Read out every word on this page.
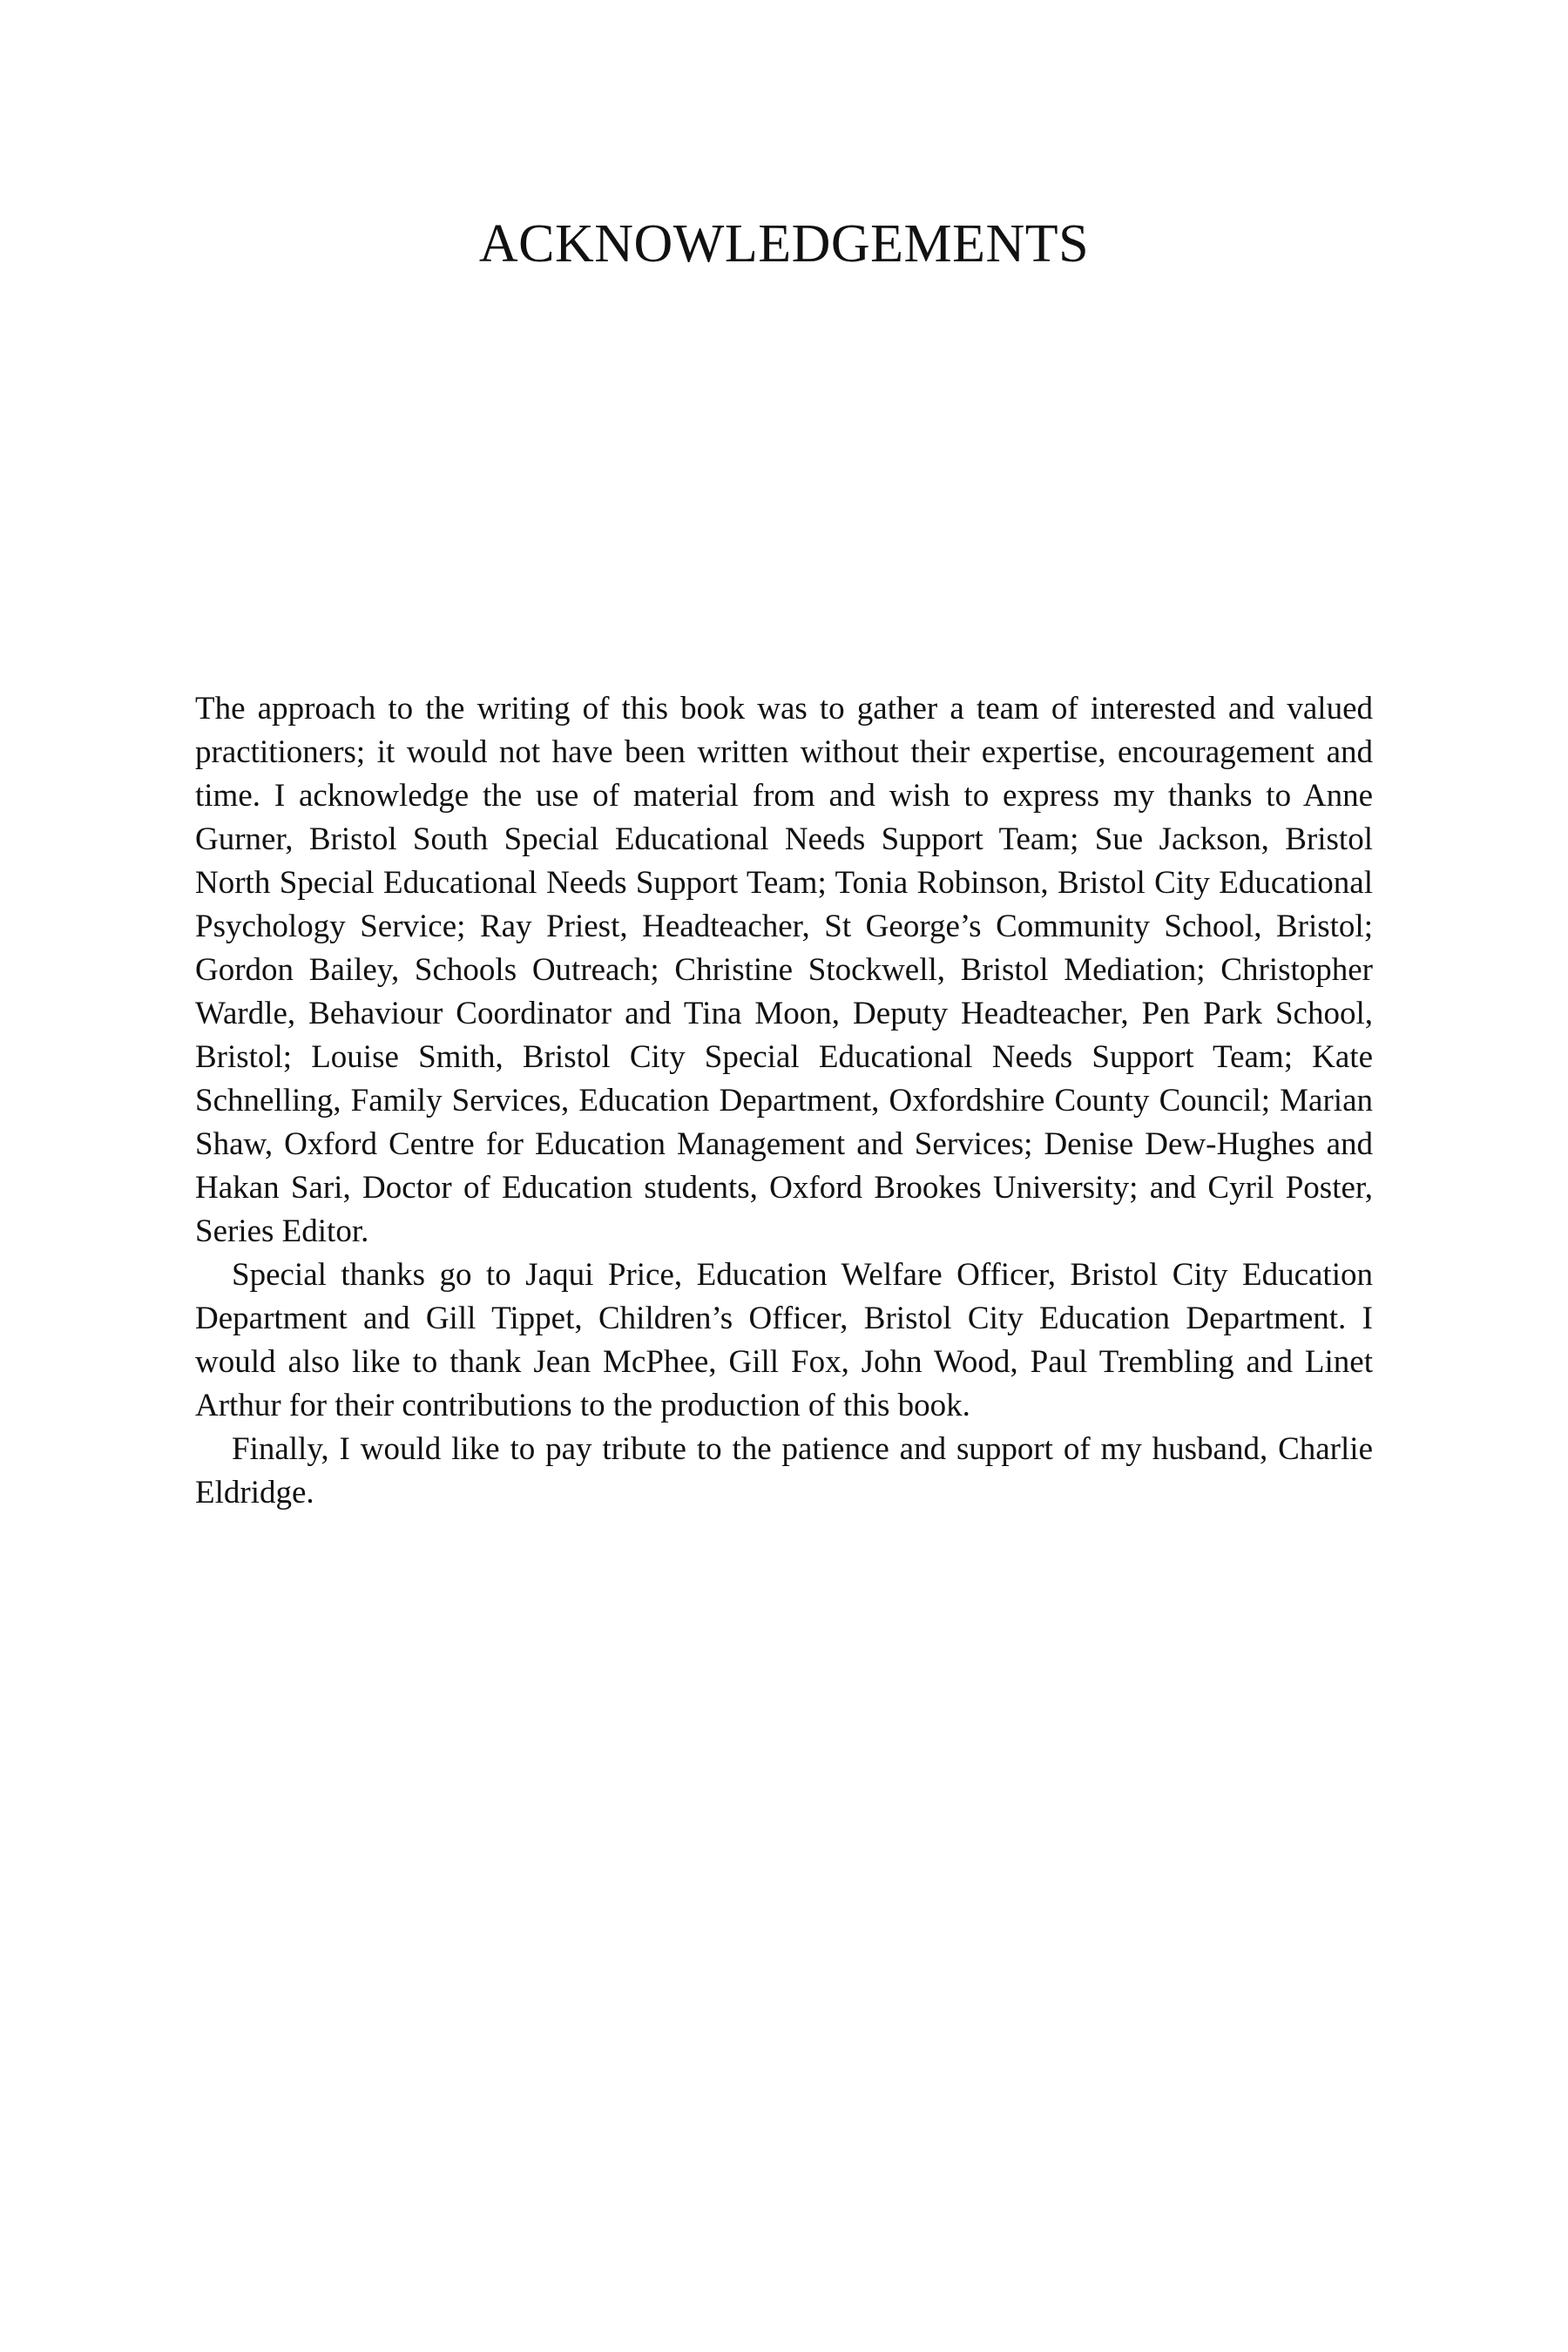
ACKNOWLEDGEMENTS

The approach to the writing of this book was to gather a team of interested and valued practitioners; it would not have been written without their expertise, encouragement and time. I acknowledge the use of material from and wish to express my thanks to Anne Gurner, Bristol South Special Educational Needs Support Team; Sue Jackson, Bristol North Special Educational Needs Support Team; Tonia Robinson, Bristol City Educational Psychology Service; Ray Priest, Headteacher, St George’s Community School, Bristol; Gordon Bailey, Schools Outreach; Christine Stockwell, Bristol Mediation; Christopher Wardle, Behaviour Coordinator and Tina Moon, Deputy Headteacher, Pen Park School, Bristol; Louise Smith, Bristol City Special Educational Needs Support Team; Kate Schnelling, Family Services, Education Department, Oxfordshire County Council; Marian Shaw, Oxford Centre for Education Management and Services; Denise Dew-Hughes and Hakan Sari, Doctor of Education students, Oxford Brookes University; and Cyril Poster, Series Editor.

Special thanks go to Jaqui Price, Education Welfare Officer, Bristol City Education Department and Gill Tippet, Children’s Officer, Bristol City Education Department. I would also like to thank Jean McPhee, Gill Fox, John Wood, Paul Trembling and Linet Arthur for their contributions to the production of this book.

Finally, I would like to pay tribute to the patience and support of my husband, Charlie Eldridge.
